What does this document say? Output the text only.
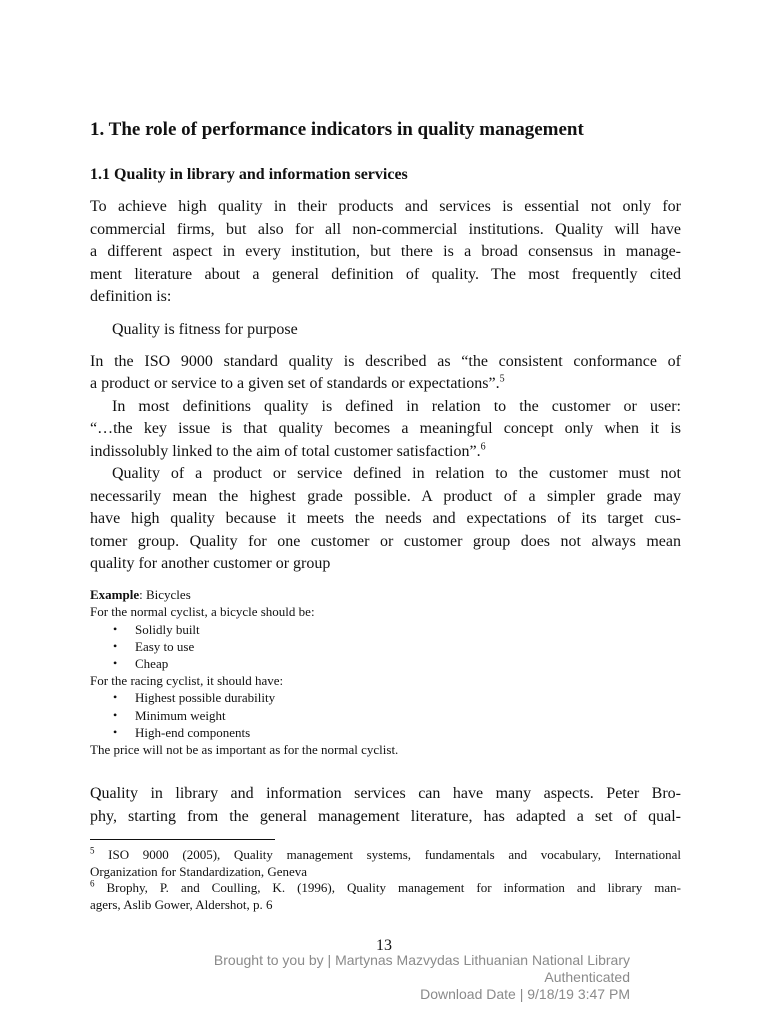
1. The role of performance indicators in quality management
1.1 Quality in library and information services
To achieve high quality in their products and services is essential not only for
commercial firms, but also for all non-commercial institutions. Quality will have
a different aspect in every institution, but there is a broad consensus in manage-
ment literature about a general definition of quality. The most frequently cited
definition is:
Quality is fitness for purpose
In the ISO 9000 standard quality is described as “the consistent conformance of
a product or service to a given set of standards or expectations”.$^5$
In most definitions quality is defined in relation to the customer or user:
“…the key issue is that quality becomes a meaningful concept only when it is
indissolubly linked to the aim of total customer satisfaction”.$^6$
Quality of a product or service defined in relation to the customer must not
necessarily mean the highest grade possible. A product of a simpler grade may
have high quality because it meets the needs and expectations of its target cus-
tomer group. Quality for one customer or customer group does not always mean
quality for another customer or group
Example: Bicycles
For the normal cyclist, a bicycle should be:
• Solidly built
• Easy to use
• Cheap
For the racing cyclist, it should have:
• Highest possible durability
• Minimum weight
• High-end components
The price will not be as important as for the normal cyclist.
Quality in library and information services can have many aspects. Peter Bro-
phy, starting from the general management literature, has adapted a set of qual-
$^5$ ISO 9000 (2005), Quality management systems, fundamentals and vocabulary, International
Organization for Standardization, Geneva
$^6$ Brophy, P. and Coulling, K. (1996), Quality management for information and library man-
agers, Aslib Gower, Aldershot, p. 6
13
Brought to you by | Martynas Mazvydas Lithuanian National Library
Authenticated
Download Date | 9/18/19 3:47 PM
